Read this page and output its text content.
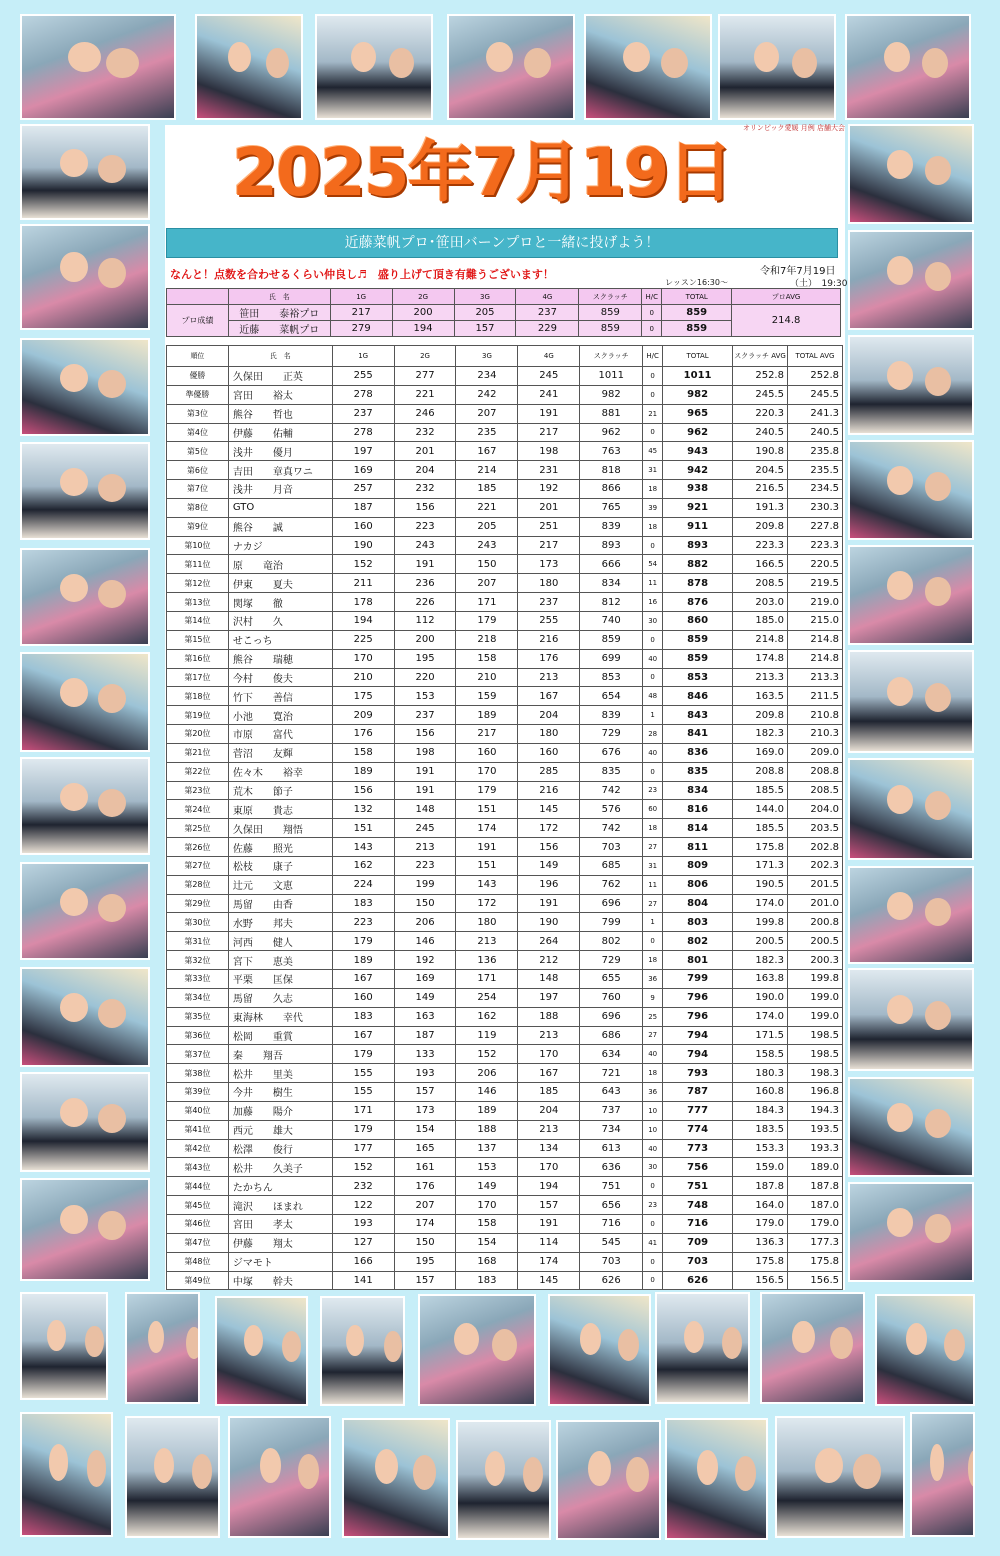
2025年7月19日
オリンピック愛媛 月例 店舗大会
近藤菜帆プロ･笹田バーンプロと一緒に投げよう！
なんと！点数を合わせるくらい仲良し♬　盛り上げて頂き有難うございます！	令和7年7月19日
レッスン16:30～	（土）　19:30
	氏　名	1G	2G	3G	4G	スクラッチ	H/C	TOTAL	プロAVG
プロ成績	笹田　　泰裕プロ	217	200	205	237	859	0	859	214.8
	近藤　　菜帆プロ	279	194	157	229	859	0	859	
順位	氏　名	1G	2G	3G	4G	スクラッチ	H/C	TOTAL	スクラッチ AVG	TOTAL AVG
優勝	久保田　　正英	255	277	234	245	1011	0	1011	252.8	252.8
準優勝	宮田　　裕太	278	221	242	241	982	0	982	245.5	245.5
第3位	熊谷　　哲也	237	246	207	191	881	21	965	220.3	241.3
第4位	伊藤　　佑輔	278	232	235	217	962	0	962	240.5	240.5
第5位	浅井　　優月	197	201	167	198	763	45	943	190.8	235.8
第6位	吉田　　章真ワニ	169	204	214	231	818	31	942	204.5	235.5
第7位	浅井　　月音	257	232	185	192	866	18	938	216.5	234.5
第8位	GTO	187	156	221	201	765	39	921	191.3	230.3
第9位	熊谷　　誠	160	223	205	251	839	18	911	209.8	227.8
第10位	ナカジ	190	243	243	217	893	0	893	223.3	223.3
第11位	原　　竜治	152	191	150	173	666	54	882	166.5	220.5
第12位	伊東　　夏夫	211	236	207	180	834	11	878	208.5	219.5
第13位	関塚　　徹	178	226	171	237	812	16	876	203.0	219.0
第14位	沢村　　久	194	112	179	255	740	30	860	185.0	215.0
第15位	せこっち	225	200	218	216	859	0	859	214.8	214.8
第16位	熊谷　　瑞穂	170	195	158	176	699	40	859	174.8	214.8
第17位	今村　　俊夫	210	220	210	213	853	0	853	213.3	213.3
第18位	竹下　　善信	175	153	159	167	654	48	846	163.5	211.5
第19位	小池　　寛治	209	237	189	204	839	1	843	209.8	210.8
第20位	市原　　富代	176	156	217	180	729	28	841	182.3	210.3
第21位	菅沼　　友輝	158	198	160	160	676	40	836	169.0	209.0
第22位	佐々木　　裕幸	189	191	170	285	835	0	835	208.8	208.8
第23位	荒木　　節子	156	191	179	216	742	23	834	185.5	208.5
第24位	東原　　貴志	132	148	151	145	576	60	816	144.0	204.0
第25位	久保田　　翔悟	151	245	174	172	742	18	814	185.5	203.5
第26位	佐藤　　照光	143	213	191	156	703	27	811	175.8	202.8
第27位	松枝　　康子	162	223	151	149	685	31	809	171.3	202.3
第28位	辻元　　文恵	224	199	143	196	762	11	806	190.5	201.5
第29位	馬留　　由香	183	150	172	191	696	27	804	174.0	201.0
第30位	水野　　邦夫	223	206	180	190	799	1	803	199.8	200.8
第31位	河西　　健人	179	146	213	264	802	0	802	200.5	200.5
第32位	宮下　　恵美	189	192	136	212	729	18	801	182.3	200.3
第33位	平栗　　匡保	167	169	171	148	655	36	799	163.8	199.8
第34位	馬留　　久志	160	149	254	197	760	9	796	190.0	199.0
第35位	東海林　　幸代	183	163	162	188	696	25	796	174.0	199.0
第36位	松岡　　重賞	167	187	119	213	686	27	794	171.5	198.5
第37位	秦　　翔吾	179	133	152	170	634	40	794	158.5	198.5
第38位	松井　　里美	155	193	206	167	721	18	793	180.3	198.3
第39位	今井　　樹生	155	157	146	185	643	36	787	160.8	196.8
第40位	加藤　　陽介	171	173	189	204	737	10	777	184.3	194.3
第41位	西元　　雄大	179	154	188	213	734	10	774	183.5	193.5
第42位	松澤　　俊行	177	165	137	134	613	40	773	153.3	193.3
第43位	松井　　久美子	152	161	153	170	636	30	756	159.0	189.0
第44位	たかちん	232	176	149	194	751	0	751	187.8	187.8
第45位	滝沢　　ほまれ	122	207	170	157	656	23	748	164.0	187.0
第46位	宮田　　孝太	193	174	158	191	716	0	716	179.0	179.0
第47位	伊藤　　翔太	127	150	154	114	545	41	709	136.3	177.3
第48位	ジマモト	166	195	168	174	703	0	703	175.8	175.8
第49位	中塚　　幹夫	141	157	183	145	626	0	626	156.5	156.5
